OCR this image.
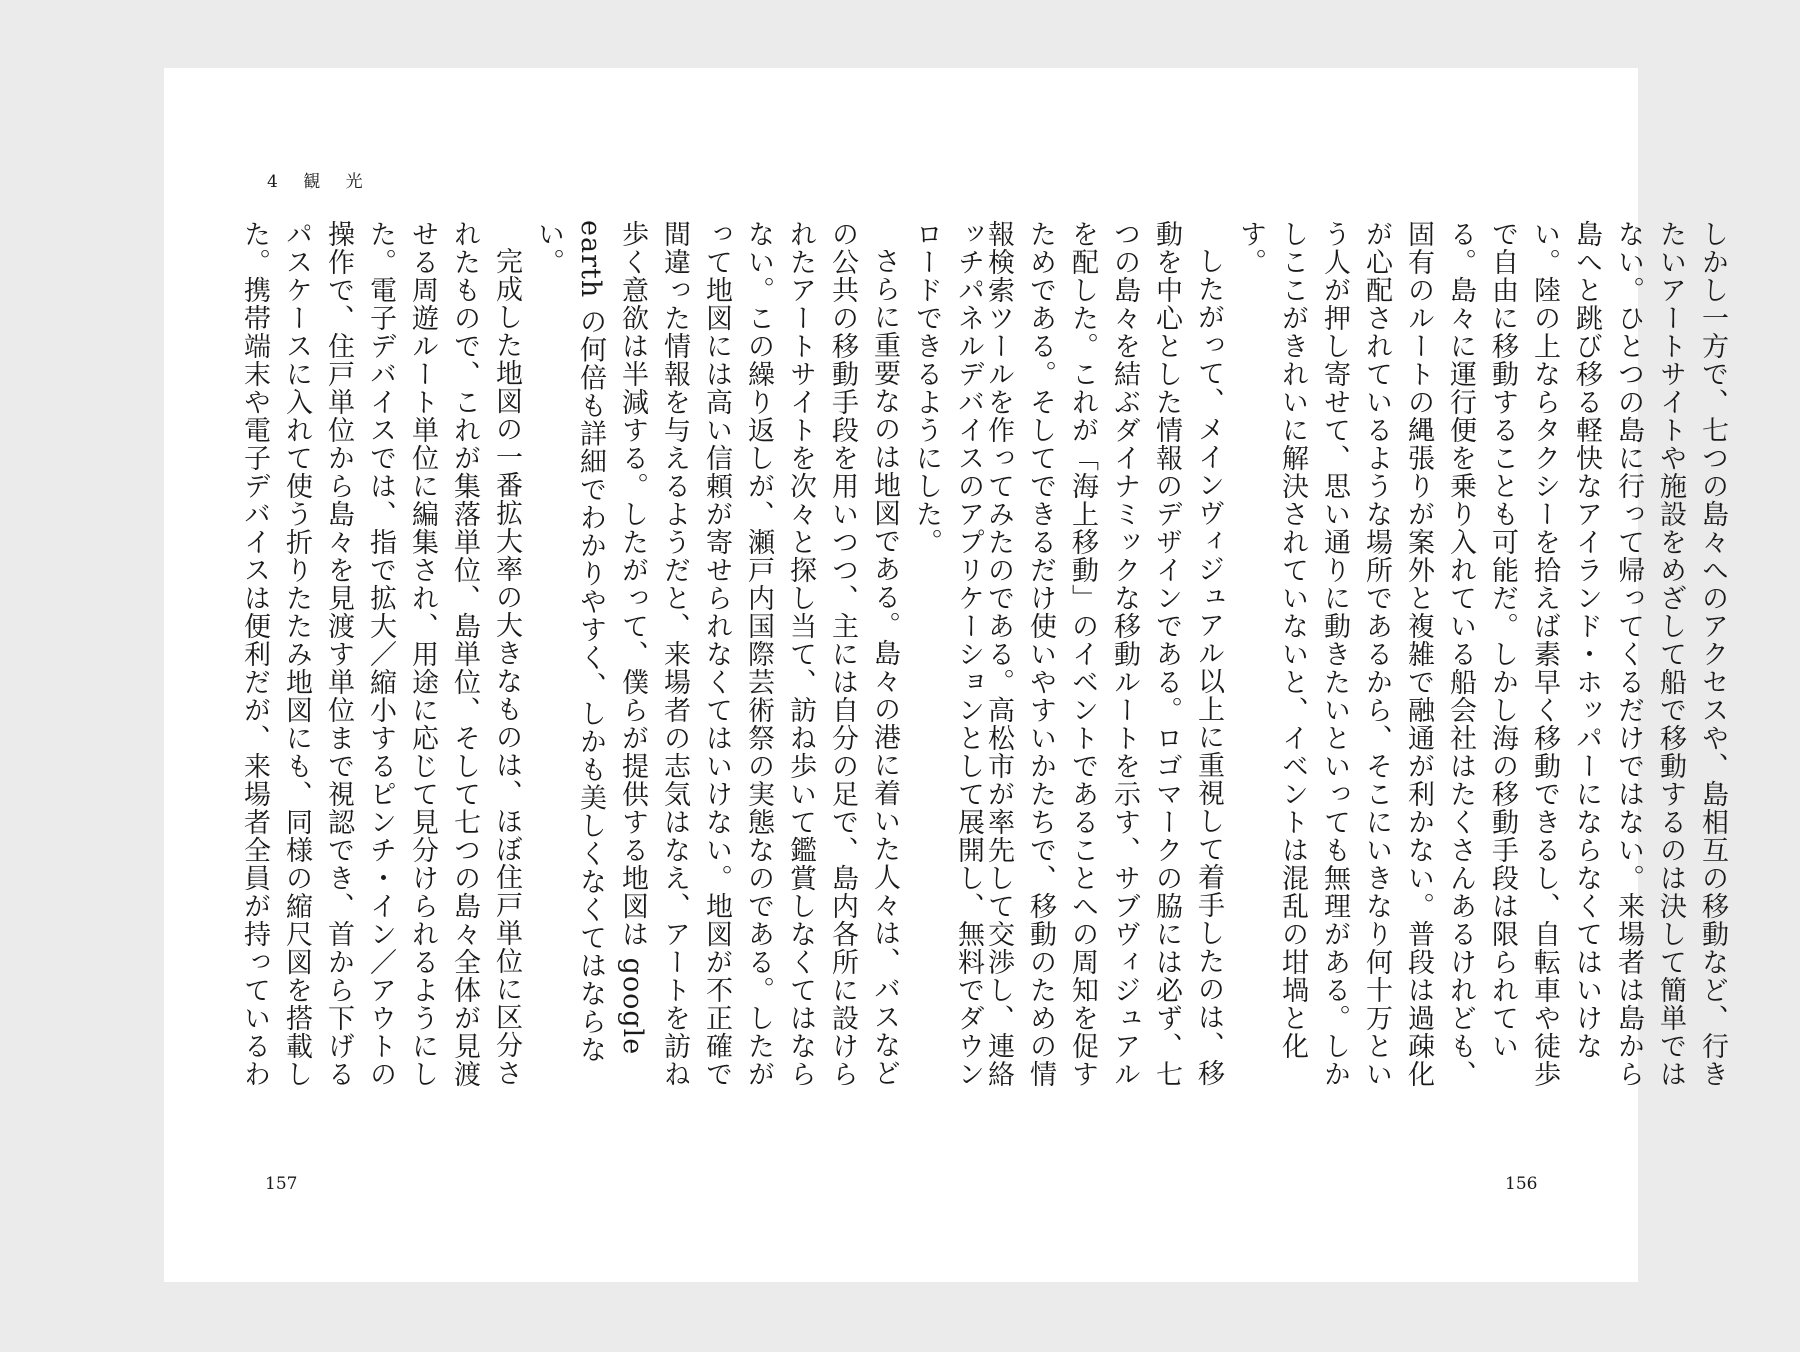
4 観 光

しかし一方で、七つの島々へのアクセスや、島相互の移動など、行きたいアートサイトや施設をめざして船で移動するのは決して簡単ではない。ひとつの島に行って帰ってくるだけではない。来場者は島から島へと跳び移る軽快なアイランド・ホッパーにならなくてはいけない。陸の上ならタクシーを拾えば素早く移動できるし、自転車や徒歩で自由に移動することも可能だ。しかし海の移動手段は限られている。島々に運行便を乗り入れている船会社はたくさんあるけれども、固有のルートの縄張りが案外と複雑で融通が利かない。普段は過疎化が心配されているような場所であるから、そこにいきなり何十万という人が押し寄せて、思い通りに動きたいといっても無理がある。しかしここがきれいに解決されていないと、イベントは混乱の坩堝と化す。

したがって、メインヴィジュアル以上に重視して着手したのは、移動を中心とした情報のデザインである。ロゴマークの脇には必ず、七つの島々を結ぶダイナミックな移動ルートを示す、サブヴィジュアルを配した。これが「海上移動」のイベントであることへの周知を促すためである。そしてできるだけ使いやすいかたちで、移動のための情報検索ツールを作ってみたのである。高松市が率先して交渉し、連絡

ッチパネルデバイスのアプリケーションとして展開し、無料でダウンロードできるようにした。

さらに重要なのは地図である。島々の港に着いた人々は、バスなどの公共の移動手段を用いつつ、主には自分の足で、島内各所に設けられたアートサイトを次々と探し当て、訪ね歩いて鑑賞しなくてはならない。この繰り返しが、瀬戸内国際芸術祭の実態なのである。したがって地図には高い信頼が寄せられなくてはいけない。地図が不正確で間違った情報を与えるようだと、来場者の志気はなえ、アートを訪ね歩く意欲は半減する。したがって、僕らが提供する地図は google earth の何倍も詳細でわかりやすく、しかも美しくなくてはならない。

完成した地図の一番拡大率の大きなものは、ほぼ住戸単位に区分されたもので、これが集落単位、島単位、そして七つの島々全体が見渡せる周遊ルート単位に編集され、用途に応じて見分けられるようにした。電子デバイスでは、指で拡大／縮小するピンチ・イン／アウトの操作で、住戸単位から島々を見渡す単位まで視認でき、首から下げるパスケースに入れて使う折りたたみ地図にも、同様の縮尺図を搭載した。携帯端末や電子デバイスは便利だが、来場者全員が持っているわ

157	156
